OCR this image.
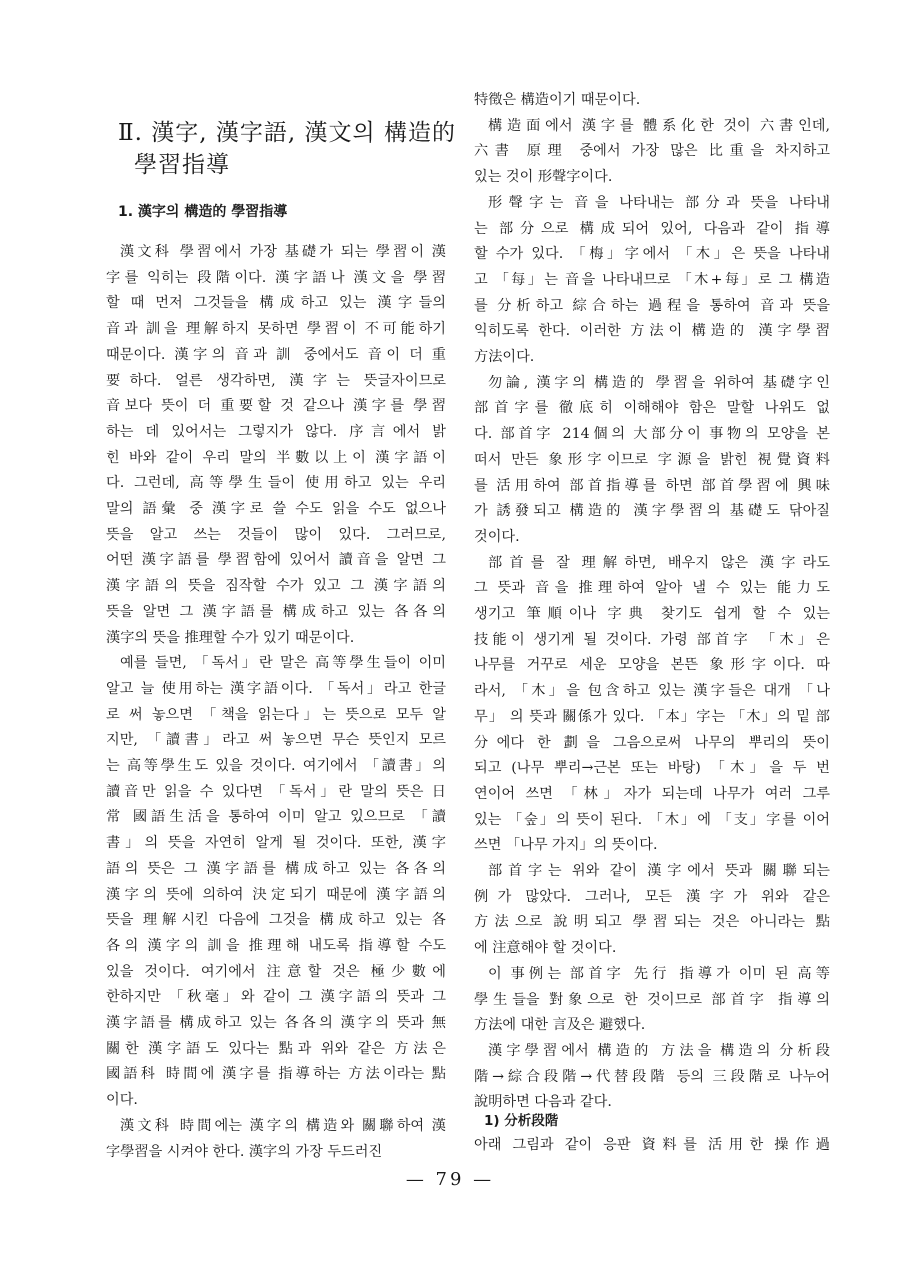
Ⅱ. 漢字, 漢字語, 漢文의 構造的
學習指導
1. 漢字의 構造的 學習指導
漢文科 學習에서 가장 基礎가 되는 學習이 漢
字를 익히는 段階이다. 漢字語나 漢文을 學習
할 때 먼저 그것들을 構成하고 있는 漢字들의
音과 訓을 理解하지 못하면 學習이 不可能하기
때문이다. 漢字의 音과 訓 중에서도 音이 더 重
要하다. 얼른 생각하면, 漢字는 뜻글자이므로
音보다 뜻이 더 重要할 것 같으나 漢字를 學習
하는 데 있어서는 그렇지가 않다. 序言에서 밝
힌 바와 같이 우리 말의 半數以上이 漢字語이
다. 그런데, 高等學生들이 使用하고 있는 우리
말의 語彙 중 漢字로 쓸 수도 읽을 수도 없으나
뜻을 알고 쓰는 것들이 많이 있다. 그러므로,
어떤 漢字語를 學習함에 있어서 讀音을 알면 그
漢字語의 뜻을 짐작할 수가 있고 그 漢字語의
뜻을 알면 그 漢字語를 構成하고 있는 各各의
漢字의 뜻을 推理할 수가 있기 때문이다.
예를 들면, 「독서」란 말은 高等學生들이 이미
알고 늘 使用하는 漢字語이다. 「독서」라고 한글
로 써 놓으면 「책을 읽는다」는 뜻으로 모두 알
지만, 「讀書」라고 써 놓으면 무슨 뜻인지 모르
는 高等學生도 있을 것이다. 여기에서 「讀書」의
讀音만 읽을 수 있다면 「독서」란 말의 뜻은 日
常 國語生活을 통하여 이미 알고 있으므로 「讀
書」의 뜻을 자연히 알게 될 것이다. 또한, 漢字
語의 뜻은 그 漢字語를 構成하고 있는 各各의
漢字의 뜻에 의하여 決定되기 때문에 漢字語의
뜻을 理解시킨 다음에 그것을 構成하고 있는 各
各의 漢字의 訓을 推理해 내도록 指導할 수도
있을 것이다. 여기에서 注意할 것은 極少數에
한하지만 「秋毫」와 같이 그 漢字語의 뜻과 그
漢字語를 構成하고 있는 各各의 漢字의 뜻과 無
關한 漢字語도 있다는 點과 위와 같은 方法은
國語科 時間에 漢字를 指導하는 方法이라는 點
이다.
漢文科 時間에는 漢字의 構造와 關聯하여 漢
字學習을 시켜야 한다. 漢字의 가장 두드러진
特徵은 構造이기 때문이다.
構造面에서 漢字를 體系化한 것이 六書인데,
六書 原理 중에서 가장 많은 比重을 차지하고
있는 것이 形聲字이다.
形聲字는 音을 나타내는 部分과 뜻을 나타내
는 部分으로 構成되어 있어, 다음과 같이 指導
할 수가 있다. 「梅」字에서 「木」은 뜻을 나타내
고 「每」는 音을 나타내므로 「木+每」로 그 構造
를 分析하고 綜合하는 過程을 통하여 音과 뜻을
익히도록 한다. 이러한 方法이 構造的 漢字學習
方法이다.
勿論, 漢字의 構造的 學習을 위하여 基礎字인
部首字를 徹底히 이해해야 함은 말할 나위도 없
다. 部首字 214個의 大部分이 事物의 모양을 본
떠서 만든 象形字이므로 字源을 밝힌 視覺資料
를 活用하여 部首指導를 하면 部首學習에 興味
가 誘發되고 構造的 漢字學習의 基礎도 닦아질
것이다.
部首를 잘 理解하면, 배우지 않은 漢字라도
그 뜻과 音을 推理하여 알아 낼 수 있는 能力도
생기고 筆順이나 字典 찾기도 쉽게 할 수 있는
技能이 생기게 될 것이다. 가령 部首字 「木」은
나무를 거꾸로 세운 모양을 본뜬 象形字이다. 따
라서, 「木」을 包含하고 있는 漢字들은 대개 「나
무」 의 뜻과 關係가 있다. 「本」字는 「木」의 밑 部
分에다 한 劃을 그음으로써 나무의 뿌리의 뜻이
되고 (나무 뿌리→근본 또는 바탕) 「木」을 두 번
연이어 쓰면 「林」자가 되는데 나무가 여러 그루
있는 「숲」의 뜻이 된다. 「木」에 「支」字를 이어
쓰면 「나무 가지」의 뜻이다.
部首字는 위와 같이 漢字에서 뜻과 關聯되는
例가 많았다. 그러나, 모든 漢字가 위와 같은
方法으로 說明되고 學習되는 것은 아니라는 點
에 注意해야 할 것이다.
이 事例는 部首字 先行 指導가 이미 된 高等
學生들을 對象으로 한 것이므로 部首字 指導의
方法에 대한 言及은 避했다.
漢字學習에서 構造的 方法을 構造의 分析段
階→綜合段階→代替段階 등의 三段階로 나누어
說明하면 다음과 같다.
1) 分析段階
아래 그림과 같이 응판 資料를 活用한 操作過
— 79 —
